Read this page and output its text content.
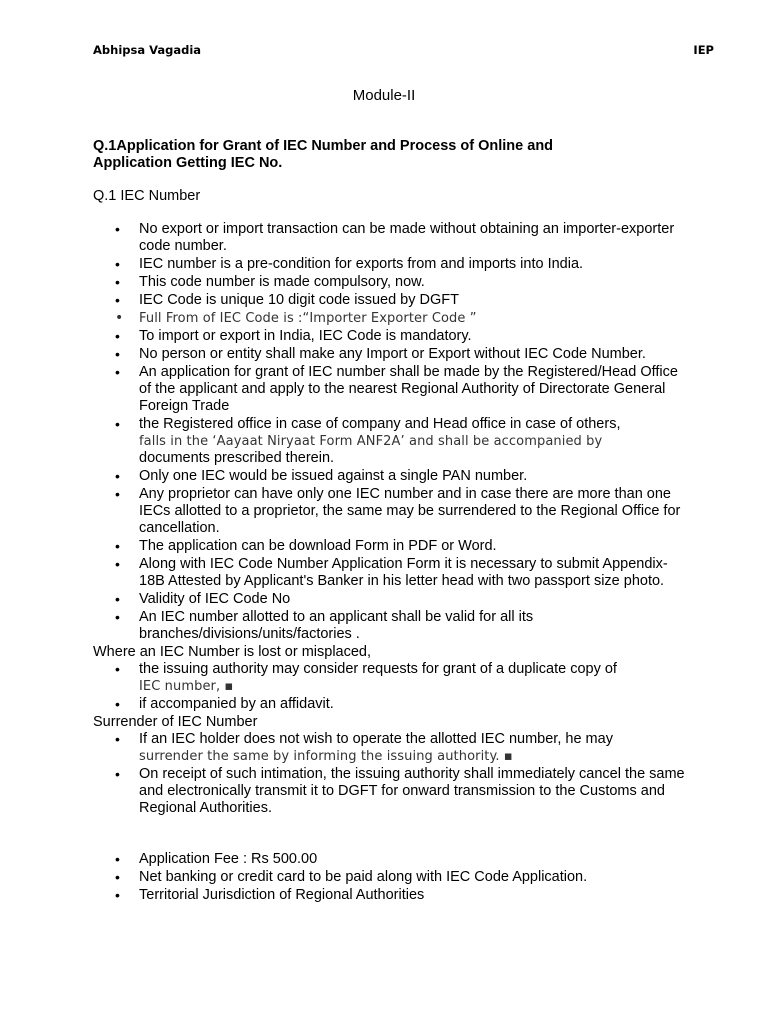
Abhipsa Vagadia	IEP
Module-II

Q.1Application for Grant of IEC Number and Process of Online and
Application Getting IEC No.

Q.1 IEC Number

• No export or import transaction can be made without obtaining an importer-exporter code number.
• IEC number is a pre-condition for exports from and imports into India.
• This code number is made compulsory, now.
• IEC Code is unique 10 digit code issued by DGFT
• Full From of IEC Code is :“Importer Exporter Code ”
• To import or export in India, IEC Code is mandatory.
• No person or entity shall make any Import or Export without IEC Code Number.
• An application for grant of IEC number shall be made by the Registered/Head Office of the applicant and apply to the nearest Regional Authority of Directorate General Foreign Trade
• the Registered office in case of company and Head office in case of others,
falls in the ‘Aayaat Niryaat Form ANF2A’ and shall be accompanied by
documents prescribed therein.
• Only one IEC would be issued against a single PAN number.
• Any proprietor can have only one IEC number and in case there are more than one IECs allotted to a proprietor, the same may be surrendered to the Regional Office for cancellation.
• The application can be download Form in PDF or Word.
• Along with IEC Code Number Application Form it is necessary to submit Appendix-18B Attested by Applicant's Banker in his letter head with two passport size photo.
• Validity of IEC Code No
• An IEC number allotted to an applicant shall be valid for all its branches/divisions/units/factories .

Where an IEC Number is lost or misplaced,

• the issuing authority may consider requests for grant of a duplicate copy of
IEC number, ▪
• if accompanied by an affidavit.

Surrender of IEC Number

• If an IEC holder does not wish to operate the allotted IEC number, he may
surrender the same by informing the issuing authority. ▪
• On receipt of such intimation, the issuing authority shall immediately cancel the same and electronically transmit it to DGFT for onward transmission to the Customs and Regional Authorities.
• Application Fee : Rs 500.00
• Net banking or credit card to be paid along with IEC Code Application.
• Territorial Jurisdiction of Regional Authorities
